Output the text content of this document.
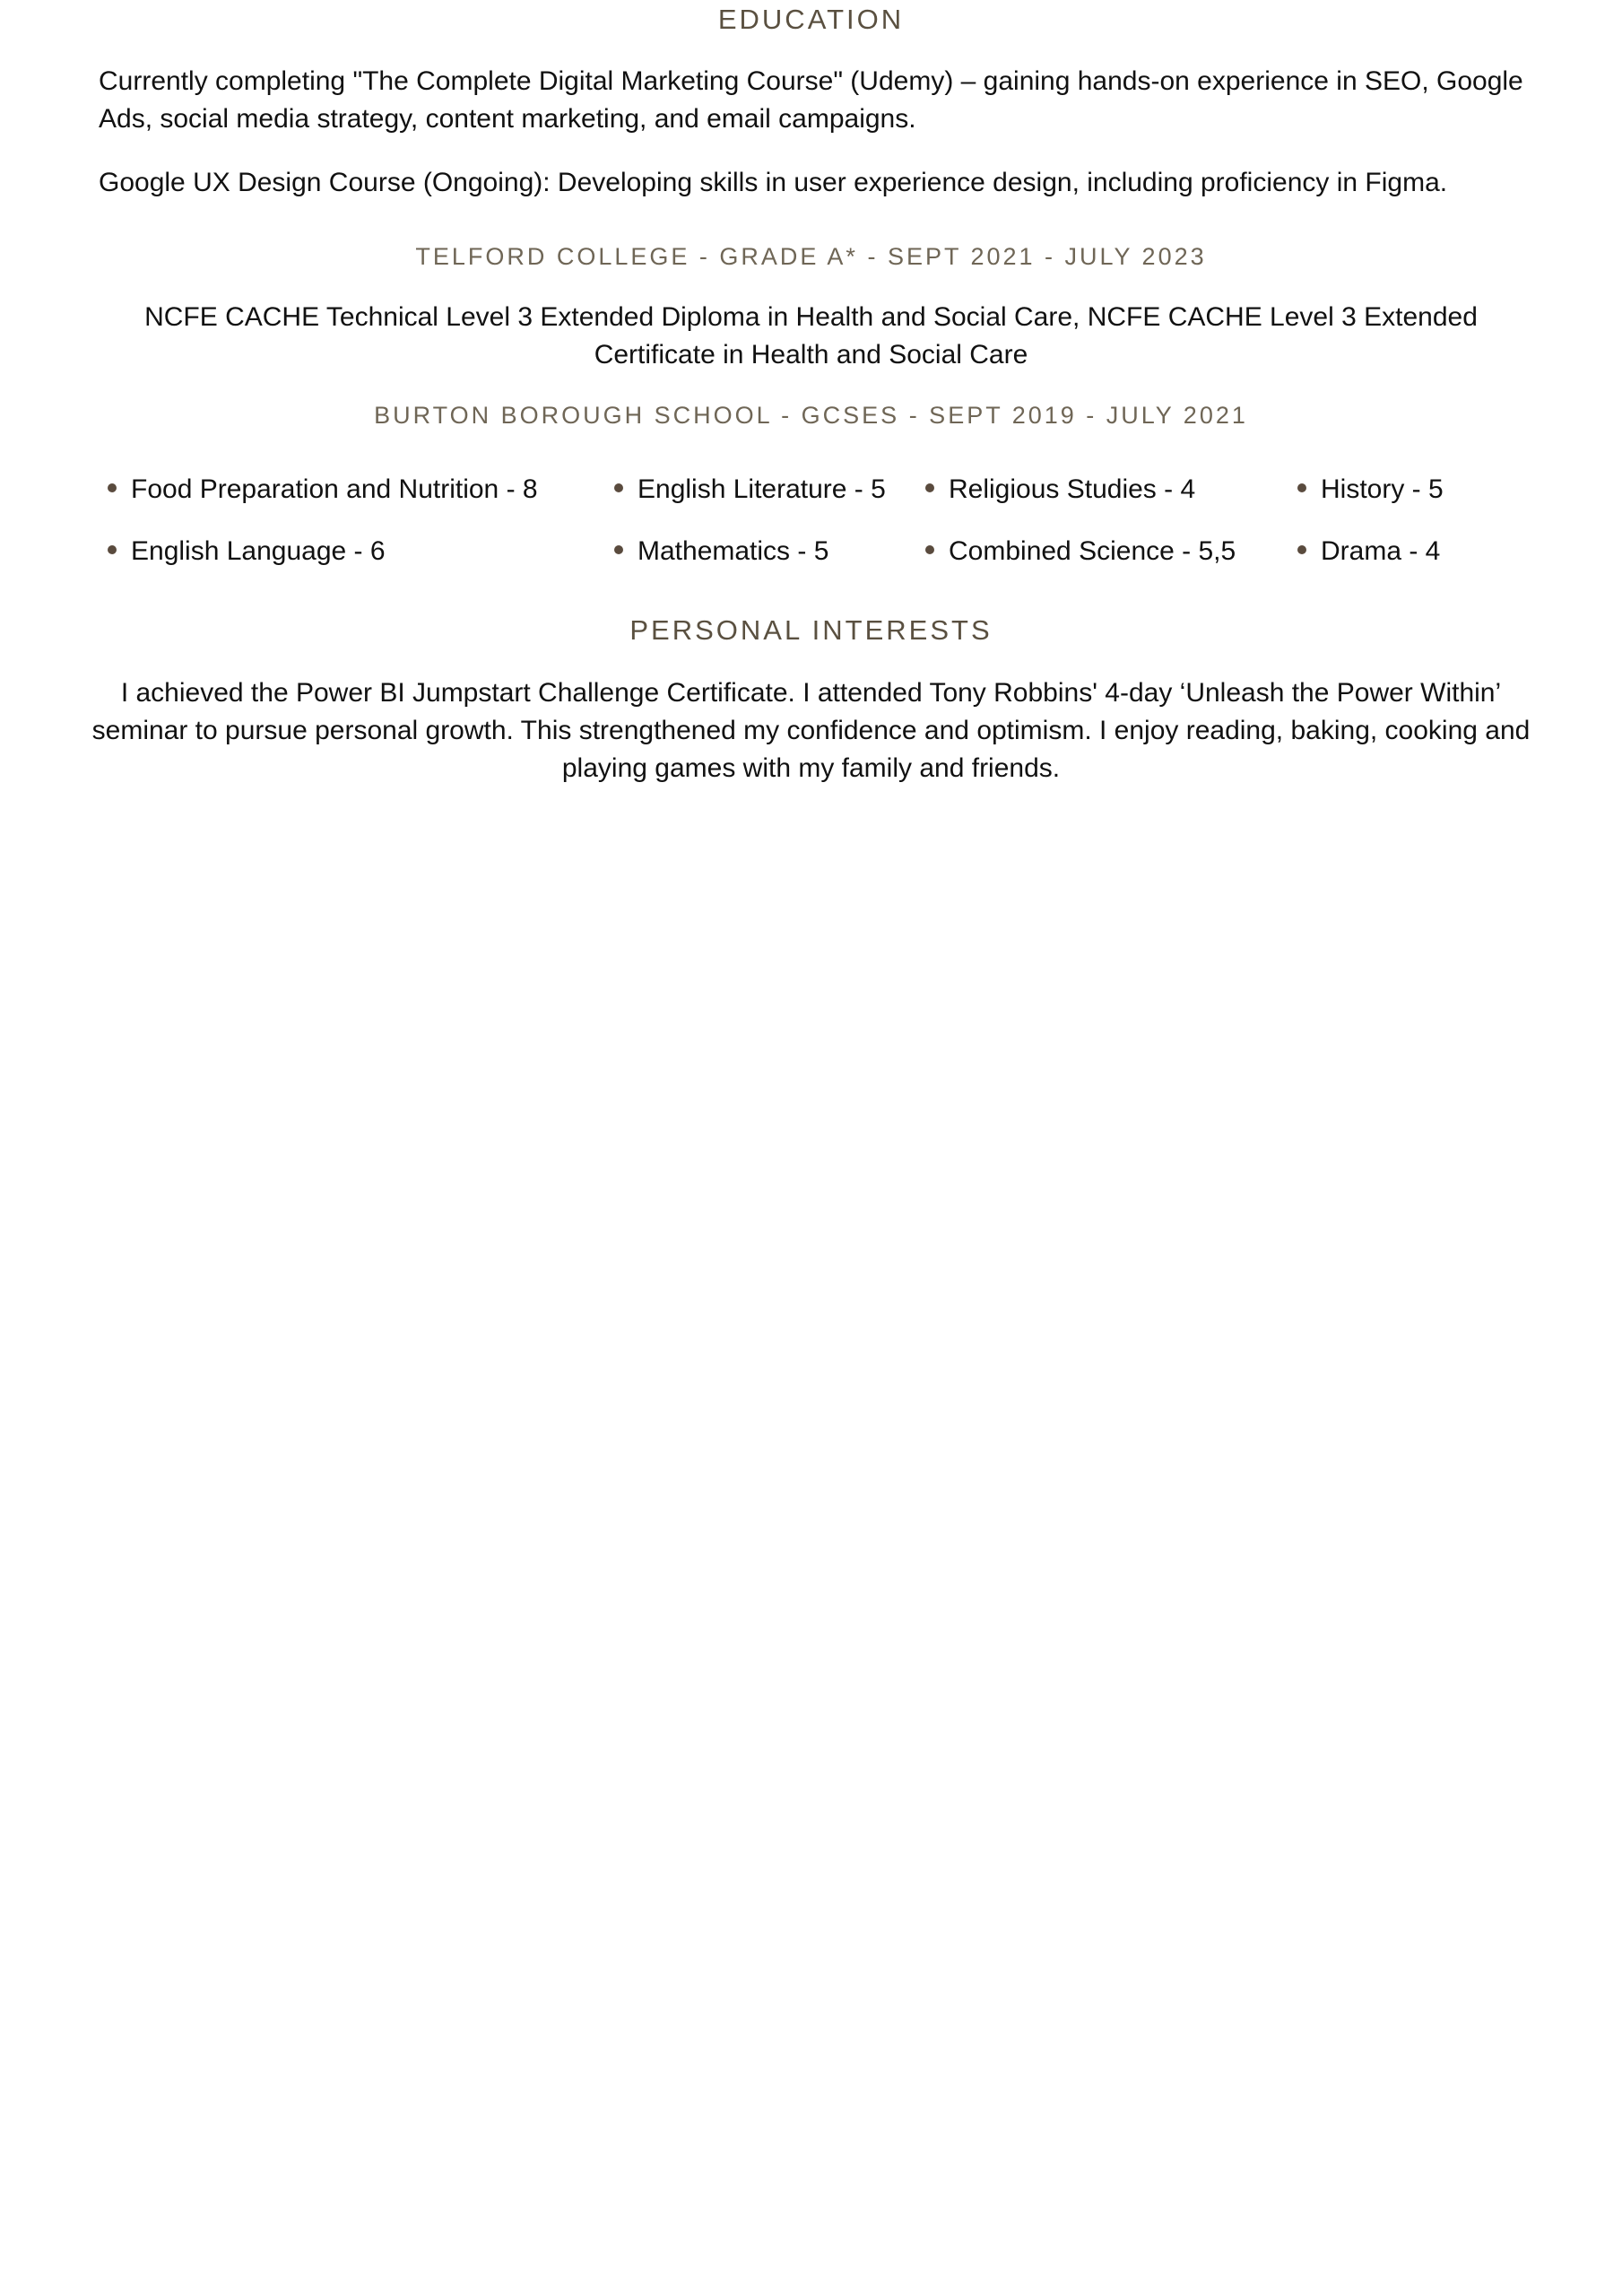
EDUCATION
Currently completing "The Complete Digital Marketing Course" (Udemy) – gaining hands-on experience in SEO, Google Ads, social media strategy, content marketing, and email campaigns.
Google UX Design Course (Ongoing): Developing skills in user experience design, including proficiency in Figma.
TELFORD COLLEGE - GRADE A* - SEPT 2021 - JULY 2023
NCFE CACHE Technical Level 3 Extended Diploma in Health and Social Care, NCFE CACHE Level 3 Extended Certificate in Health and Social Care
BURTON BOROUGH SCHOOL - GCSES - SEPT 2019 - JULY 2021
Food Preparation and Nutrition - 8	English Literature - 5	Religious Studies - 4	History - 5
English Language - 6	Mathematics - 5	Combined Science - 5,5	Drama - 4
PERSONAL INTERESTS
I achieved the Power BI Jumpstart Challenge Certificate. I attended Tony Robbins' 4-day ‘Unleash the Power Within’ seminar to pursue personal growth. This strengthened my confidence and optimism. I enjoy reading, baking, cooking and playing games with my family and friends.
